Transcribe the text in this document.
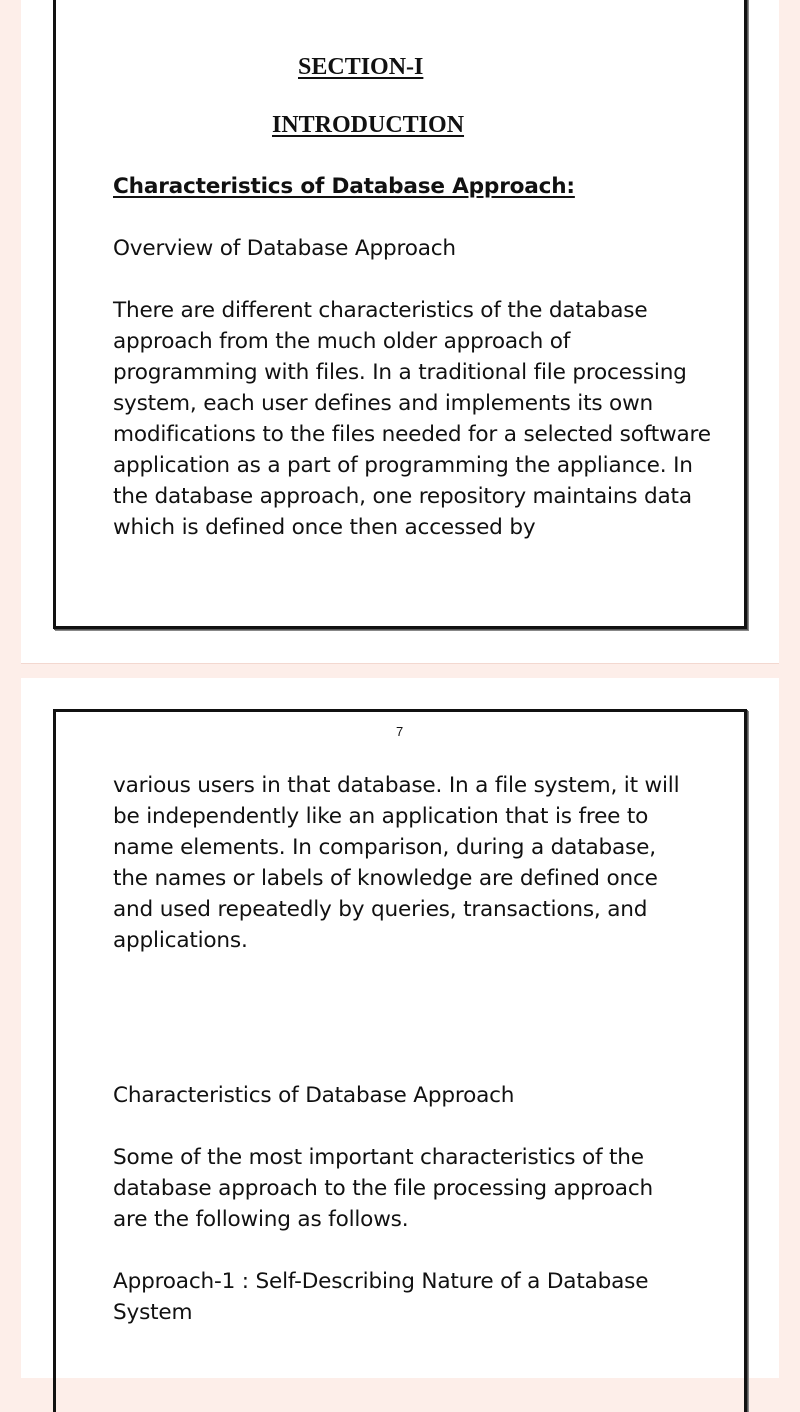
SECTION-I
INTRODUCTION

Characteristics of Database Approach:

Overview of Database Approach

There are different characteristics of the database approach from the much older approach of programming with files. In a traditional file processing system, each user defines and implements its own modifications to the files needed for a selected software application as a part of programming the appliance. In the database approach, one repository maintains data which is defined once then accessed by

7

various users in that database. In a file system, it will be independently like an application that is free to name elements. In comparison, during a database, the names or labels of knowledge are defined once and used repeatedly by queries, transactions, and applications.

Characteristics of Database Approach

Some of the most important characteristics of the database approach to the file processing approach are the following as follows.

Approach-1 : Self-Describing Nature of a Database System
